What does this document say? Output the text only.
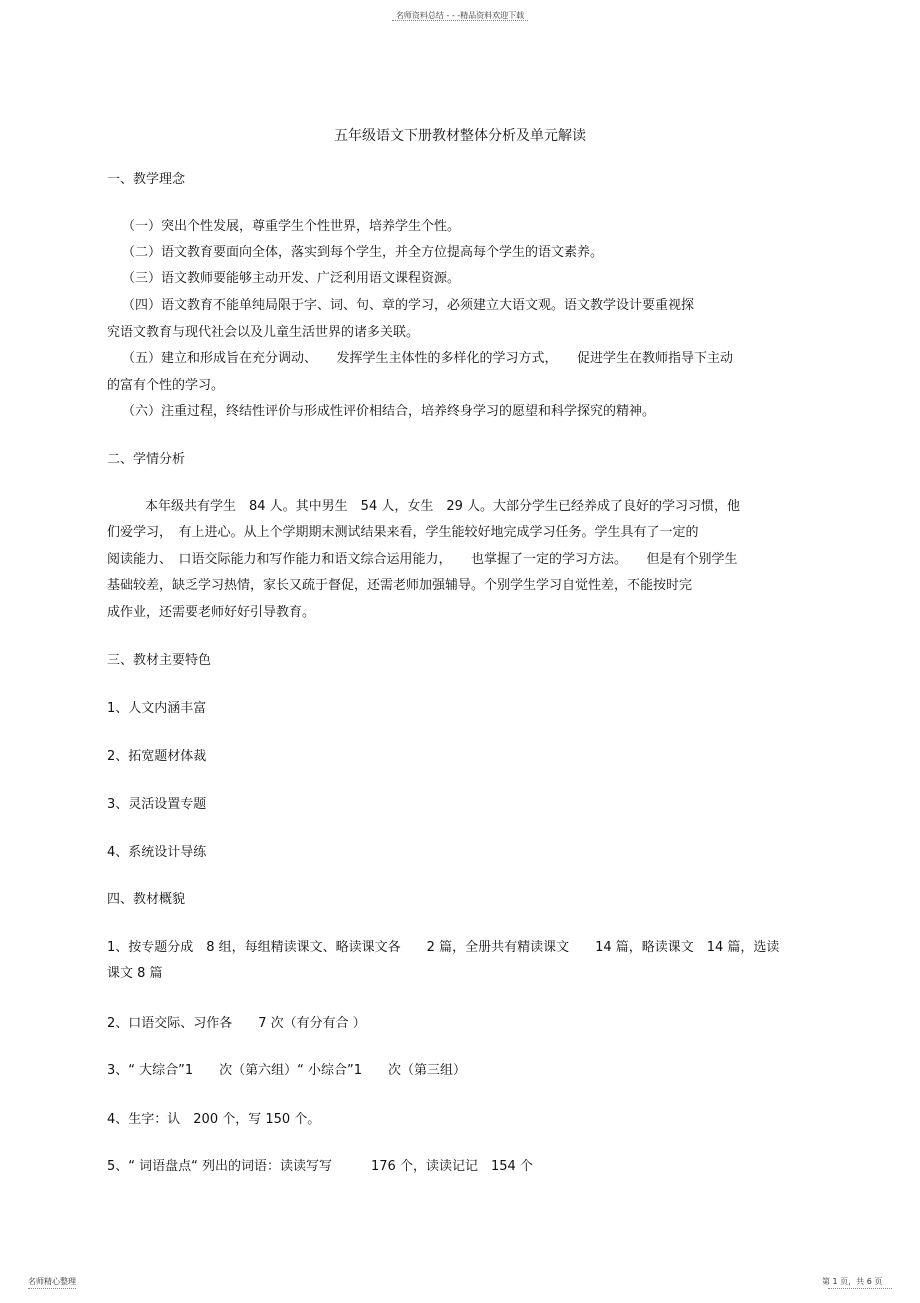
名师资料总结 - - -精品资料欢迎下载
五年级语文下册教材整体分析及单元解读
一、教学理念
（一）突出个性发展，尊重学生个性世界，培养学生个性。
（二）语文教育要面向全体，落实到每个学生，并全方位提高每个学生的语文素养。
（三）语文教师要能够主动开发、广泛利用语文课程资源。
（四）语文教育不能单纯局限于字、词、句、章的学习，必须建立大语文观。语文教学设计要重视探
究语文教育与现代社会以及儿童生活世界的诸多关联。
（五）建立和形成旨在充分调动、　　发挥学生主体性的多样化的学习方式，　　促进学生在教师指导下主动
的富有个性的学习。
（六）注重过程，终结性评价与形成性评价相结合，培养终身学习的愿望和科学探究的精神。
二、学情分析
本年级共有学生　84 人。其中男生　54 人，女生　29 人。大部分学生已经养成了良好的学习习惯，他
们爱学习，　有上进心。从上个学期期末测试结果来看，学生能较好地完成学习任务。学生具有了一定的
阅读能力、　口语交际能力和写作能力和语文综合运用能力，　　也掌握了一定的学习方法。　　但是有个别学生
基础较差，缺乏学习热情，家长又疏于督促，还需老师加强辅导。个别学生学习自觉性差，不能按时完
成作业，还需要老师好好引导教育。
三、教材主要特色
1、人文内涵丰富
2、拓宽题材体裁
3、灵活设置专题
4、系统设计导练
四、教材概貌
1、按专题分成　8 组，每组精读课文、略读课文各　　2 篇，全册共有精读课文　　14 篇，略读课文　14 篇，选读
课文 8 篇
2、口语交际、习作各　　7 次（有分有合 ）
3、“ 大综合”1　　次（第六组）“ 小综合”1　　次（第三组）
4、生字：认　200 个，写 150 个。
5、“ 词语盘点“ 列出的词语：读读写写　　　176 个，读读记记　154 个
名师精心整理	第 1 页，共 6 页
